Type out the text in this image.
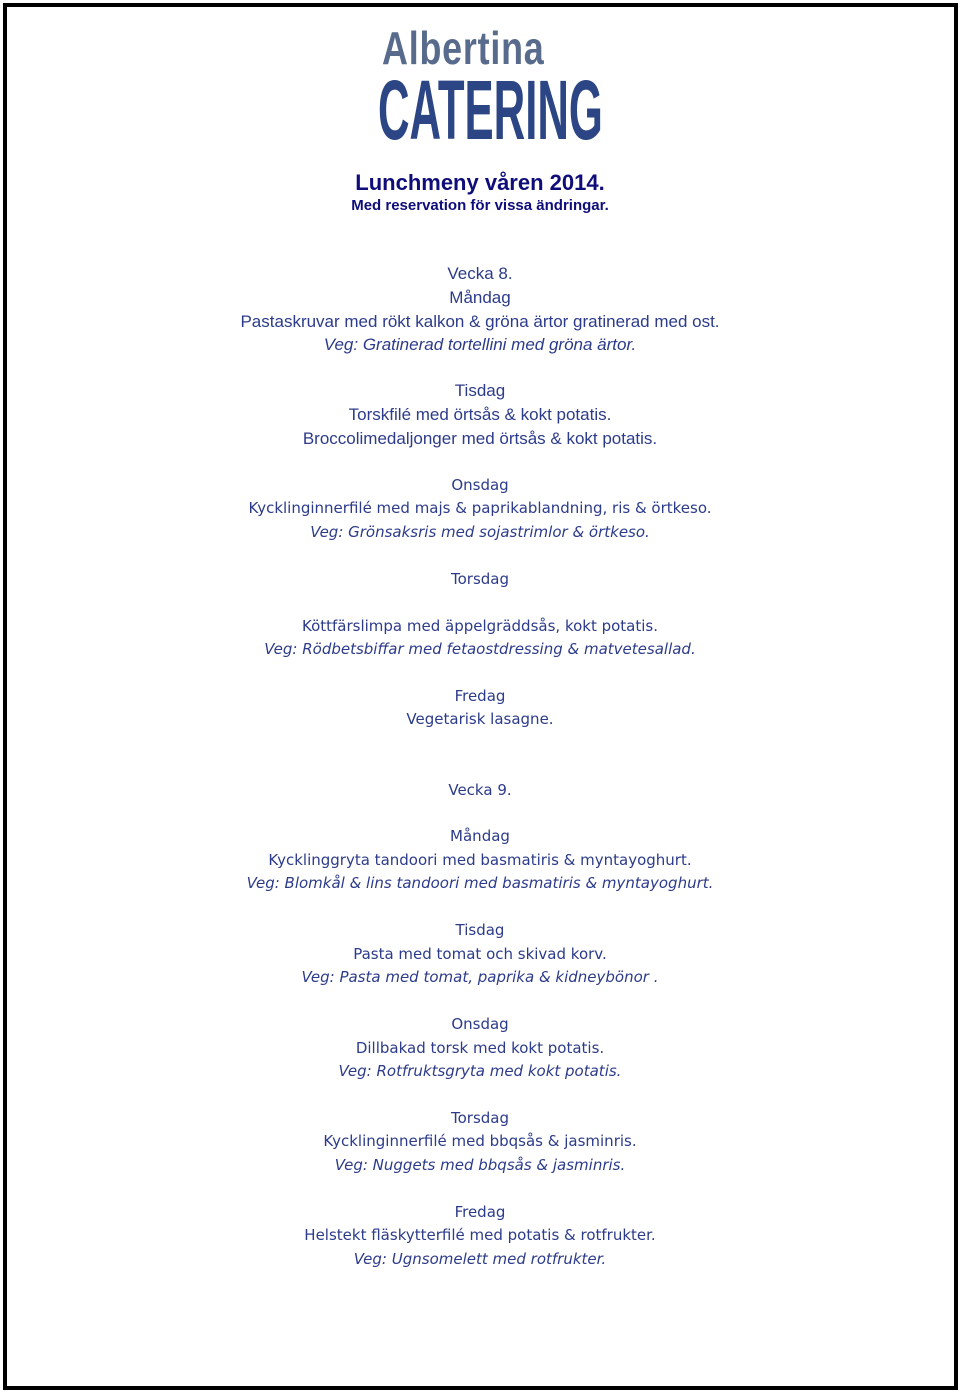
Albertina
CATERING
Lunchmeny våren 2014.
Med reservation för vissa ändringar.
Vecka 8.
Måndag
Pastaskruvar med rökt kalkon & gröna ärtor gratinerad med ost.
Veg: Gratinerad tortellini med gröna ärtor.
Tisdag
Torskfilé med örtsås & kokt potatis.
Broccolimedaljonger med örtsås & kokt potatis.
Onsdag
Kycklinginnerfilé med majs & paprikablandning, ris & örtkeso.
Veg: Grönsaksris med sojastrimlor & örtkeso.
Torsdag
Köttfärslimpa med äppelgräddsås, kokt potatis.
Veg: Rödbetsbiffar med fetaostdressing & matvetesallad.
Fredag
Vegetarisk lasagne.
Vecka 9.
Måndag
Kycklinggryta tandoori med basmatiris & myntayoghurt.
Veg: Blomkål & lins tandoori med basmatiris & myntayoghurt.
Tisdag
Pasta med tomat och skivad korv.
Veg: Pasta med tomat, paprika & kidneybönor .
Onsdag
Dillbakad torsk med kokt potatis.
Veg: Rotfruktsgryta med kokt potatis.
Torsdag
Kycklinginnerfilé med bbqsås & jasminris.
Veg: Nuggets med bbqsås & jasminris.
Fredag
Helstekt fläskytterfilé med potatis & rotfrukter.
Veg: Ugnsomelett med rotfrukter.
